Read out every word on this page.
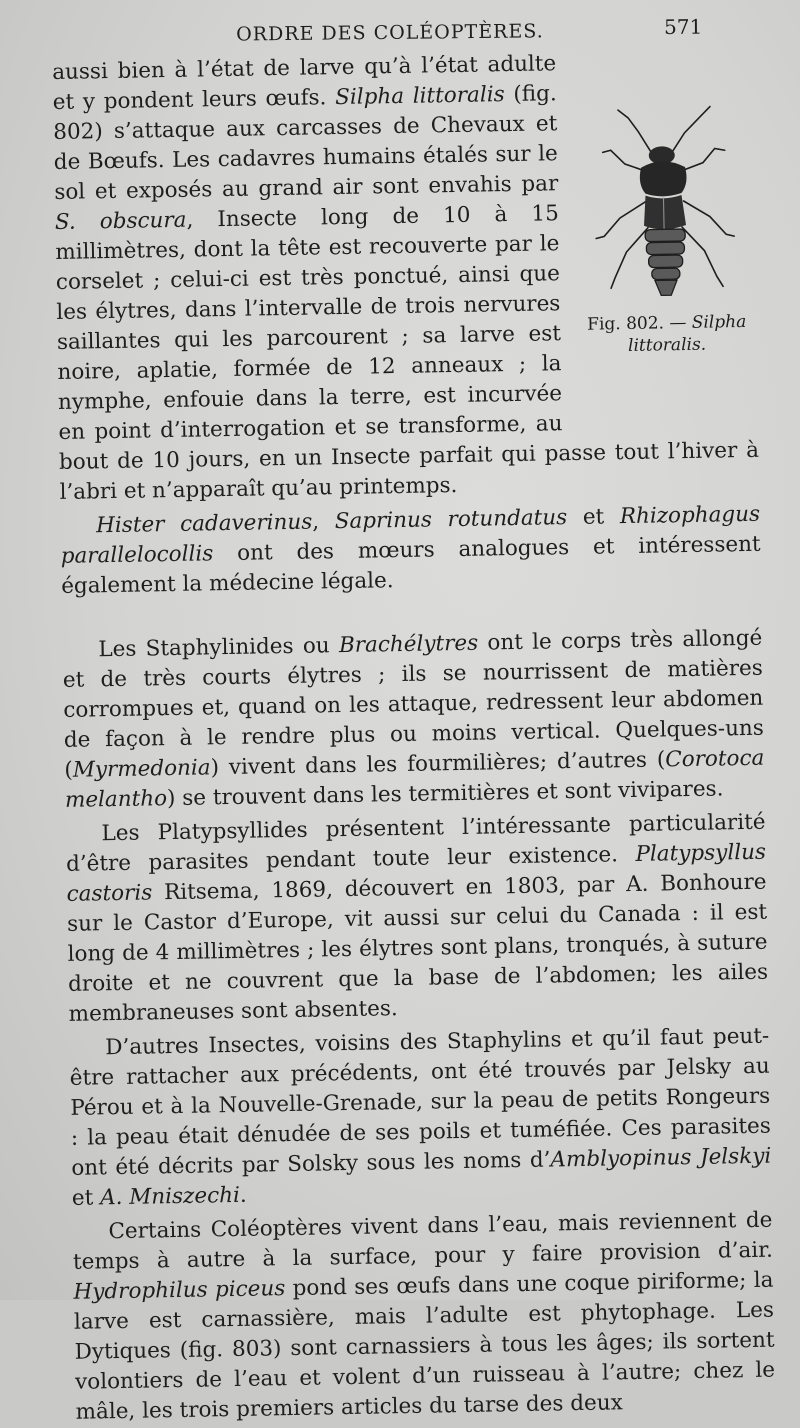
ORDRE DES COLÉOPTÈRES.	571
Fig. 802. — Silpha littoralis.

aussi bien à l’état de larve qu’à l’état adulte et y pondent leurs œufs. Silpha littoralis (fig. 802) s’attaque aux carcasses de Chevaux et de Bœufs. Les cadavres humains étalés sur le sol et exposés au grand air sont envahis par S. obscura, Insecte long de 10 à 15 millimètres, dont la tête est recouverte par le corselet ; celui-ci est très ponctué, ainsi que les élytres, dans l’intervalle de trois nervures saillantes qui les parcourent ; sa larve est noire, aplatie, formée de 12 anneaux ; la nymphe, enfouie dans la terre, est incurvée en point d’interrogation et se transforme, au bout de 10 jours, en un Insecte parfait qui passe tout l’hiver à l’abri et n’apparaît qu’au printemps.

Hister cadaverinus, Saprinus rotundatus et Rhizophagus parallelocollis ont des mœurs analogues et intéressent également la médecine légale.

Les Staphylinides ou Brachélytres ont le corps très allongé et de très courts élytres ; ils se nourrissent de matières corrompues et, quand on les attaque, redressent leur abdomen de façon à le rendre plus ou moins vertical. Quelques-uns (Myrmedonia) vivent dans les fourmilières; d’autres (Corotoca melantho) se trouvent dans les termitières et sont vivipares.

Les Platypsyllides présentent l’intéressante particularité d’être parasites pendant toute leur existence. Platypsyllus castoris Ritsema, 1869, découvert en 1803, par A. Bonhoure sur le Castor d’Europe, vit aussi sur celui du Canada : il est long de 4 millimètres ; les élytres sont plans, tronqués, à suture droite et ne couvrent que la base de l’abdomen; les ailes membraneuses sont absentes.

D’autres Insectes, voisins des Staphylins et qu’il faut peut-être rattacher aux précédents, ont été trouvés par Jelsky au Pérou et à la Nouvelle-Grenade, sur la peau de petits Rongeurs : la peau était dénudée de ses poils et tuméfiée. Ces parasites ont été décrits par Solsky sous les noms d’Amblyopinus Jelskyi et A. Mniszechi.

Certains Coléoptères vivent dans l’eau, mais reviennent de temps à autre à la surface, pour y faire provision d’air. Hydrophilus piceus pond ses œufs dans une coque piriforme; la larve est carnassière, mais l’adulte est phytophage. Les Dytiques (fig. 803) sont carnassiers à tous les âges; ils sortent volontiers de l’eau et volent d’un ruisseau à l’autre; chez le mâle, les trois premiers articles du tarse des deux
